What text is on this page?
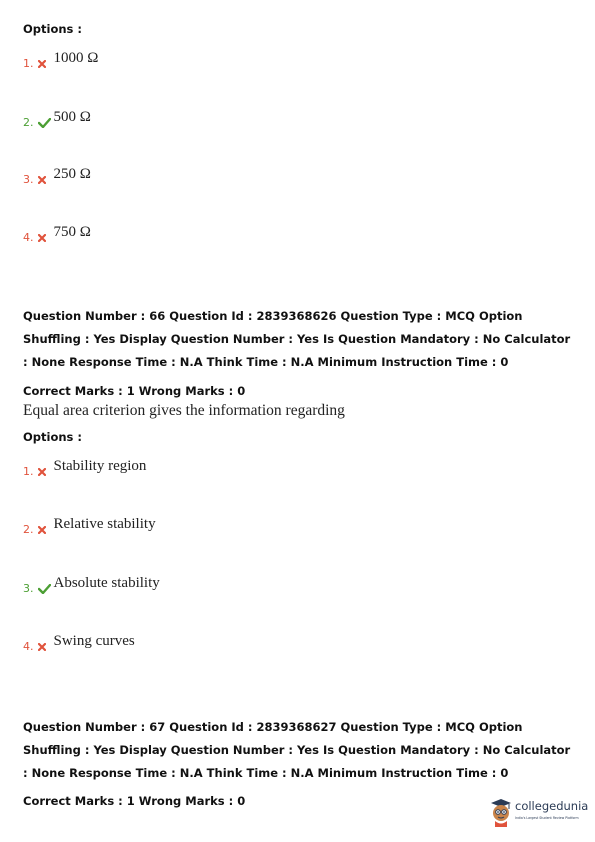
Options :
1. 1000 Ω
2. 500 Ω
3. 250 Ω
4. 750 Ω
Question Number : 66 Question Id : 2839368626 Question Type : MCQ Option Shuffling : Yes Display Question Number : Yes Is Question Mandatory : No Calculator : None Response Time : N.A Think Time : N.A Minimum Instruction Time : 0
Correct Marks : 1 Wrong Marks : 0
Equal area criterion gives the information regarding
Options :
1. Stability region
2. Relative stability
3. Absolute stability
4. Swing curves
Question Number : 67 Question Id : 2839368627 Question Type : MCQ Option Shuffling : Yes Display Question Number : Yes Is Question Mandatory : No Calculator : None Response Time : N.A Think Time : N.A Minimum Instruction Time : 0
Correct Marks : 1 Wrong Marks : 0	collegedunia
India's Largest Student Review Platform
